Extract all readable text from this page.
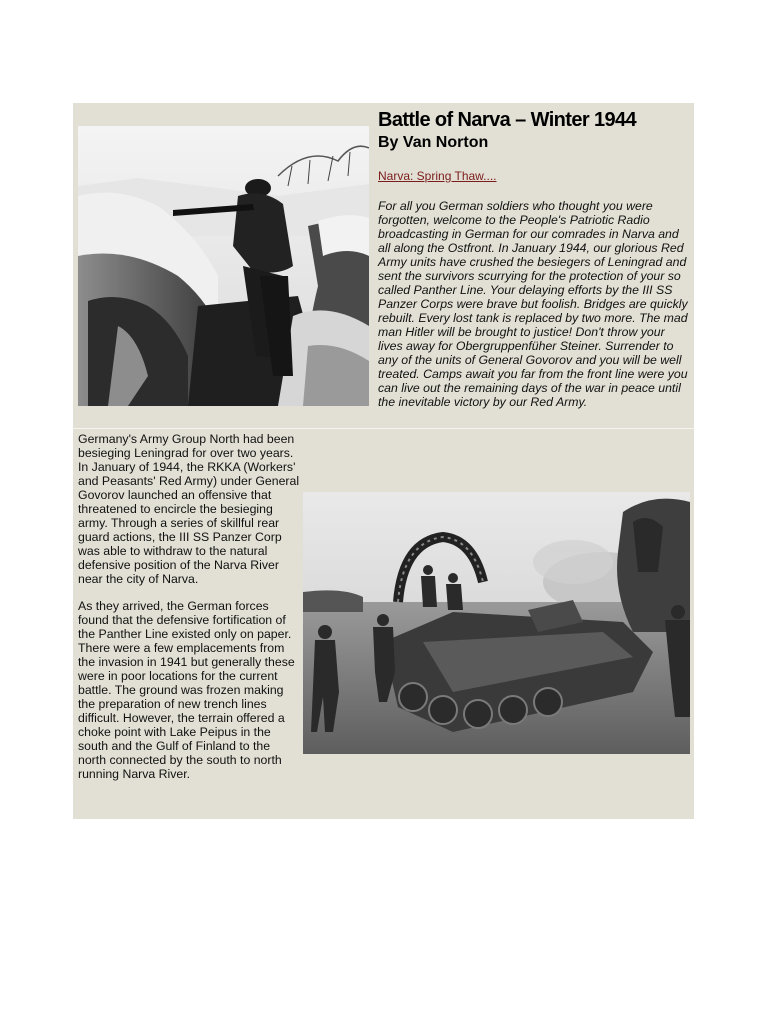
Battle of Narva – Winter 1944
By Van Norton
Narva: Spring Thaw....

For all you German soldiers who thought you were forgotten, welcome to the People's Patriotic Radio broadcasting in German for our comrades in Narva and all along the Ostfront. In January 1944, our glorious Red Army units have crushed the besiegers of Leningrad and sent the survivors scurrying for the protection of your so called Panther Line. Your delaying efforts by the III SS Panzer Corps were brave but foolish. Bridges are quickly rebuilt. Every lost tank is replaced by two more. The mad man Hitler will be brought to justice! Don't throw your lives away for Obergruppenfüher Steiner. Surrender to any of the units of General Govorov and you will be well treated. Camps await you far from the front line were you can live out the remaining days of the war in peace until the inevitable victory by our Red Army.

Germany's Army Group North had been besieging Leningrad for over two years. In January of 1944, the RKKA (Workers' and Peasants' Red Army) under General Govorov launched an offensive that threatened to encircle the besieging army. Through a series of skillful rear guard actions, the III SS Panzer Corp was able to withdraw to the natural defensive position of the Narva River near the city of Narva.

As they arrived, the German forces found that the defensive fortification of the Panther Line existed only on paper. There were a few emplacements from the invasion in 1941 but generally these were in poor locations for the current battle. The ground was frozen making the preparation of new trench lines difficult. However, the terrain offered a choke point with Lake Peipus in the south and the Gulf of Finland to the north connected by the south to north running Narva River.
